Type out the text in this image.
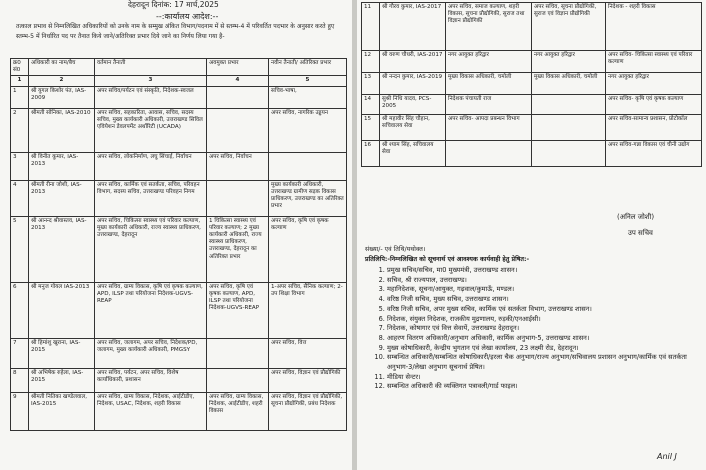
देहरादून दिनांक: 17 मार्च,2025
--:कार्यालय आदेश:--
तत्काल प्रभाव से निम्नलिखित अधिकारियों को उनके नाम के सम्मुख अंकित विभाग/पदनाम में से स्तम्भ-4 में परिवर्तित पदभार के अनुसार करते हुए स्तम्भ-5 में निर्धारित पद पर तैनात किये जाने/अतिरिक्त प्रभार दिये जाने का निर्णय लिया गया है-
क्र0 सं0	अधिकारी का नाम/बैच	वर्तमान तैनाती	अवमुक्त प्रभार	नवीन तैनाती/ अतिरिक्त प्रभार
1	2	3	4	5
1	श्री युगल किशोर पंत, IAS-2009	अपर सचिव/पर्यटन एवं संस्कृति, निदेशक-स्वजल		सचिव-भाषा,
2	श्रीमती सोनिका, IAS-2010	अपर सचिव, सहकारिता, आवास, सचिव, सदस्य सचिव, मुख्य कार्यकारी अधिकारी, उत्तराखण्ड सिविल एवियेशन डेवलपमेंट अथॉरिटी (UCADA)		अपर सचिव, नागरिक उड्डयन
3	श्री विनीत कुमार, IAS-2013	अपर सचिव, लोकनिर्माण, लघु सिंचाई, निर्वाचन	अपर सचिव, निर्वाचन	
4	श्रीमती रीना जोशी, IAS-2013	अपर सचिव, कार्मिक एवं सतर्कता, सचिव, परिवहन विभाग, सदस्य सचिव, उत्तराखण्ड परिवहन निगम		मुख्य कार्यकारी अधिकारी, उत्तराखण्ड ग्रामीण सड़क विकास प्राधिकरण, उत्तराखण्ड का अतिरिक्त प्रभार
5	श्री आनन्द श्रीवास्तव, IAS-2013	अपर सचिव, चिकित्सा स्वास्थ्य एवं परिवार कल्याण, मुख्य कार्यकारी अधिकारी, राज्य स्वास्थ्य प्राधिकरण, उत्तराखण्ड, देहरादून	1 चिकित्सा स्वास्थ्य एवं परिवार कल्याण; 2 मुख्य कार्यकारी अधिकारी, राज्य स्वास्थ्य प्राधिकरण, उत्तराखण्ड, देहरादून का अतिरिक्त प्रभार	अपर सचिव, कृषि एवं कृषक कल्याण
6	श्री मनुज गोयल IAS-2013	अपर सचिव, ग्राम्य विकास, कृषि एवं कृषक कल्याण, APD, ILSP तथा परियोजना निदेशक-UGVS-REAP	अपर सचिव, कृषि एवं कृषक कल्याण, APD, ILSP तथा परियोजना निदेशक-UGVS-REAP	1-अपर सचिव, सैनिक कल्याण; 2-उप शिक्षा विभाग
7	श्री हिमांशु खुराना, IAS-2015	अपर सचिव, जलागम, अपर सचिव, निदेशक/PD, जलागम, मुख्य कार्यकारी अधिकारी, PMGSY		अपर सचिव, वित्त
8	श्री अभिषेक रुहेला, IAS-2015	अपर सचिव, पर्यटन, अपर सचिव, विशेष कार्याधिकारी, प्रशासन		अपर सचिव, विज्ञान एवं प्रौद्योगिकी
9	श्रीमती नितिका खण्डेलवाल, IAS-2015	अपर सचिव, ग्राम्य विकास, निदेशक, आईटीडीए, निदेशक, USAC, निदेशक, शहरी विकास	अपर सचिव, ग्राम्य विकास, निदेशक, आईटीडीए, शहरी विकास	अपर सचिव, विज्ञान एवं प्रौद्योगिकी, सूचना प्रौद्योगिकी, प्रबंध निदेशक
11	श्री गौरव कुमार, IAS-2017	अपर सचिव, समाज कल्याण, शहरी विकास, सूचना प्रौद्योगिकी, सुराज तथा विज्ञान प्रौद्योगिकी	अपर सचिव, सूचना प्रौद्योगिकी, सुराज एवं विज्ञान प्रौद्योगिकी	निदेशक - शहरी विकास
12	श्री वरुण चौधरी, IAS-2017	नगर आयुक्त हरिद्वार	नगर आयुक्त हरिद्वार	अपर सचिव- चिकित्सा स्वास्थ्य एवं परिवार कल्याण
13	श्री नन्दन कुमार, IAS-2019	मुख्य विकास अधिकारी, चमोली	मुख्य विकास अधिकारी, चमोली	नगर आयुक्त हरिद्वार
14	सुश्री निधि यादव, PCS-2005	निदेशक पंचायती राज		अपर सचिव- कृषि एवं कृषक कल्याण
15	श्री महावीर सिंह चौहान, सचिवालय सेवा	अपर सचिव- आपदा प्रबन्धन विभाग		अपर सचिव-सामान्य प्रशासन, प्रोटोकॉल
16	श्री श्याम सिंह, सचिवालय सेवा			अपर सचिव-गन्ना विकास एवं चीनी उद्योग
(अनिल जोशी)
उप सचिव
संख्या/- एवं तिथि/यथोक्त।
प्रतिलिपि:-निम्नलिखित को सूचनार्थ एवं आवश्यक कार्यवाही हेतु प्रेषित:-
1. प्रमुख सचिव/सचिव, मा0 मुख्यमंत्री, उत्तराखण्ड शासन।
2. सचिव, श्री राज्यपाल, उत्तराखण्ड।
3. महानिदेशक, सूचना/आयुक्त, गढ़वाल/कुमाऊँ, मण्डल।
4. वरिष्ठ निजी सचिव, मुख्य सचिव, उत्तराखण्ड शासन।
5. वरिष्ठ निजी सचिव, अपर मुख्य सचिव, कार्मिक एवं सतर्कता विभाग, उत्तराखण्ड शासन।
6. निदेशक, संयुक्त निदेशक, राजकीय मुद्रणालय, रुड़की/एनआईसी।
7. निदेशक, कोषागार एवं वित्त सेवायें, उत्तराखण्ड देहरादून।
8. आहरण वितरण अधिकारी/अनुभाग अधिकारी, कार्मिक अनुभाग-5, उत्तराखण्ड शासन।
9. मुख्य कोषाधिकारी, केन्द्रीय भुगतान एवं लेखा कार्यालय, 23 लक्ष्मी रोड, देहरादून।
10. सम्बन्धित अधिकारी/सम्बन्धित कोषाधिकारी/इरला चैक अनुभाग/राज्य अनुभाग/सचिवालय प्रशासन अनुभाग/कार्मिक एवं सतर्कता अनुभाग-3/लेखा अनुभाग सूचनार्थ प्रेषित।
11. मीडिया सेन्टर।
12. सम्बन्धित अधिकारी की व्यक्तिगत पत्रावली/गार्ड फाइल।
Anil J
